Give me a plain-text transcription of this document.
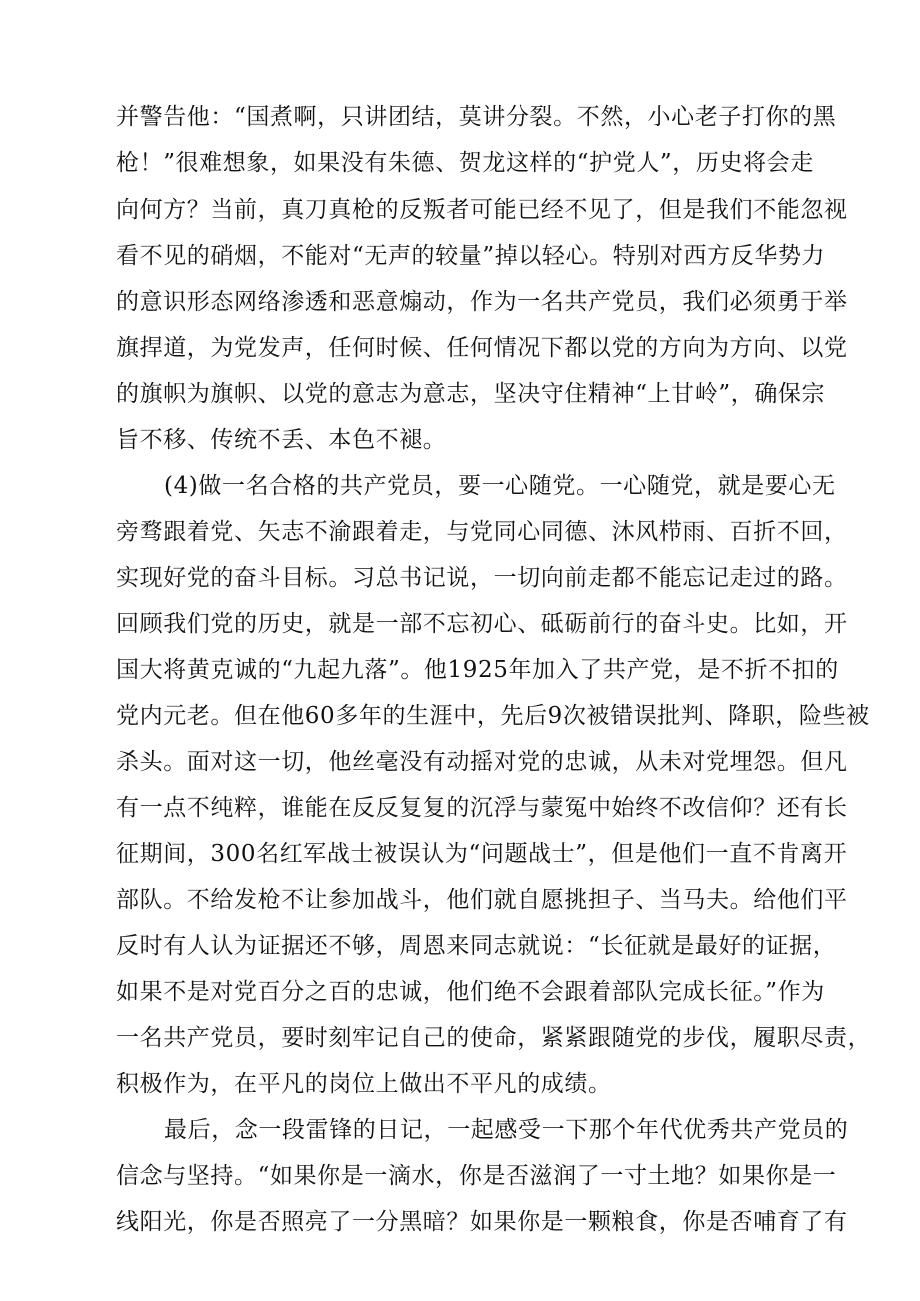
并警告他：“国煮啊，只讲团结，莫讲分裂。不然，小心老子打你的黑
枪！”很难想象，如果没有朱德、贺龙这样的“护党人”，历史将会走
向何方？当前，真刀真枪的反叛者可能已经不见了，但是我们不能忽视
看不见的硝烟，不能对“无声的较量”掉以轻心。特别对西方反华势力
的意识形态网络渗透和恶意煽动，作为一名共产党员，我们必须勇于举
旗捍道，为党发声，任何时候、任何情况下都以党的方向为方向、以党
的旗帜为旗帜、以党的意志为意志，坚决守住精神“上甘岭”，确保宗
旨不移、传统不丢、本色不褪。
(4)做一名合格的共产党员，要一心随党。一心随党，就是要心无
旁骛跟着党、矢志不渝跟着走，与党同心同德、沐风栉雨、百折不回，
实现好党的奋斗目标。习总书记说，一切向前走都不能忘记走过的路。
回顾我们党的历史，就是一部不忘初心、砥砺前行的奋斗史。比如，开
国大将黄克诚的“九起九落”。他1925年加入了共产党，是不折不扣的
党内元老。但在他60多年的生涯中，先后9次被错误批判、降职，险些被
杀头。面对这一切，他丝毫没有动摇对党的忠诚，从未对党埋怨。但凡
有一点不纯粹，谁能在反反复复的沉浮与蒙冤中始终不改信仰？还有长
征期间，300名红军战士被误认为“问题战士”，但是他们一直不肯离开
部队。不给发枪不让参加战斗，他们就自愿挑担子、当马夫。给他们平
反时有人认为证据还不够，周恩来同志就说：“长征就是最好的证据，
如果不是对党百分之百的忠诚，他们绝不会跟着部队完成长征。”作为
一名共产党员，要时刻牢记自己的使命，紧紧跟随党的步伐，履职尽责，
积极作为，在平凡的岗位上做出不平凡的成绩。
最后，念一段雷锋的日记，一起感受一下那个年代优秀共产党员的
信念与坚持。“如果你是一滴水，你是否滋润了一寸土地？如果你是一
线阳光，你是否照亮了一分黑暗？如果你是一颗粮食，你是否哺育了有
